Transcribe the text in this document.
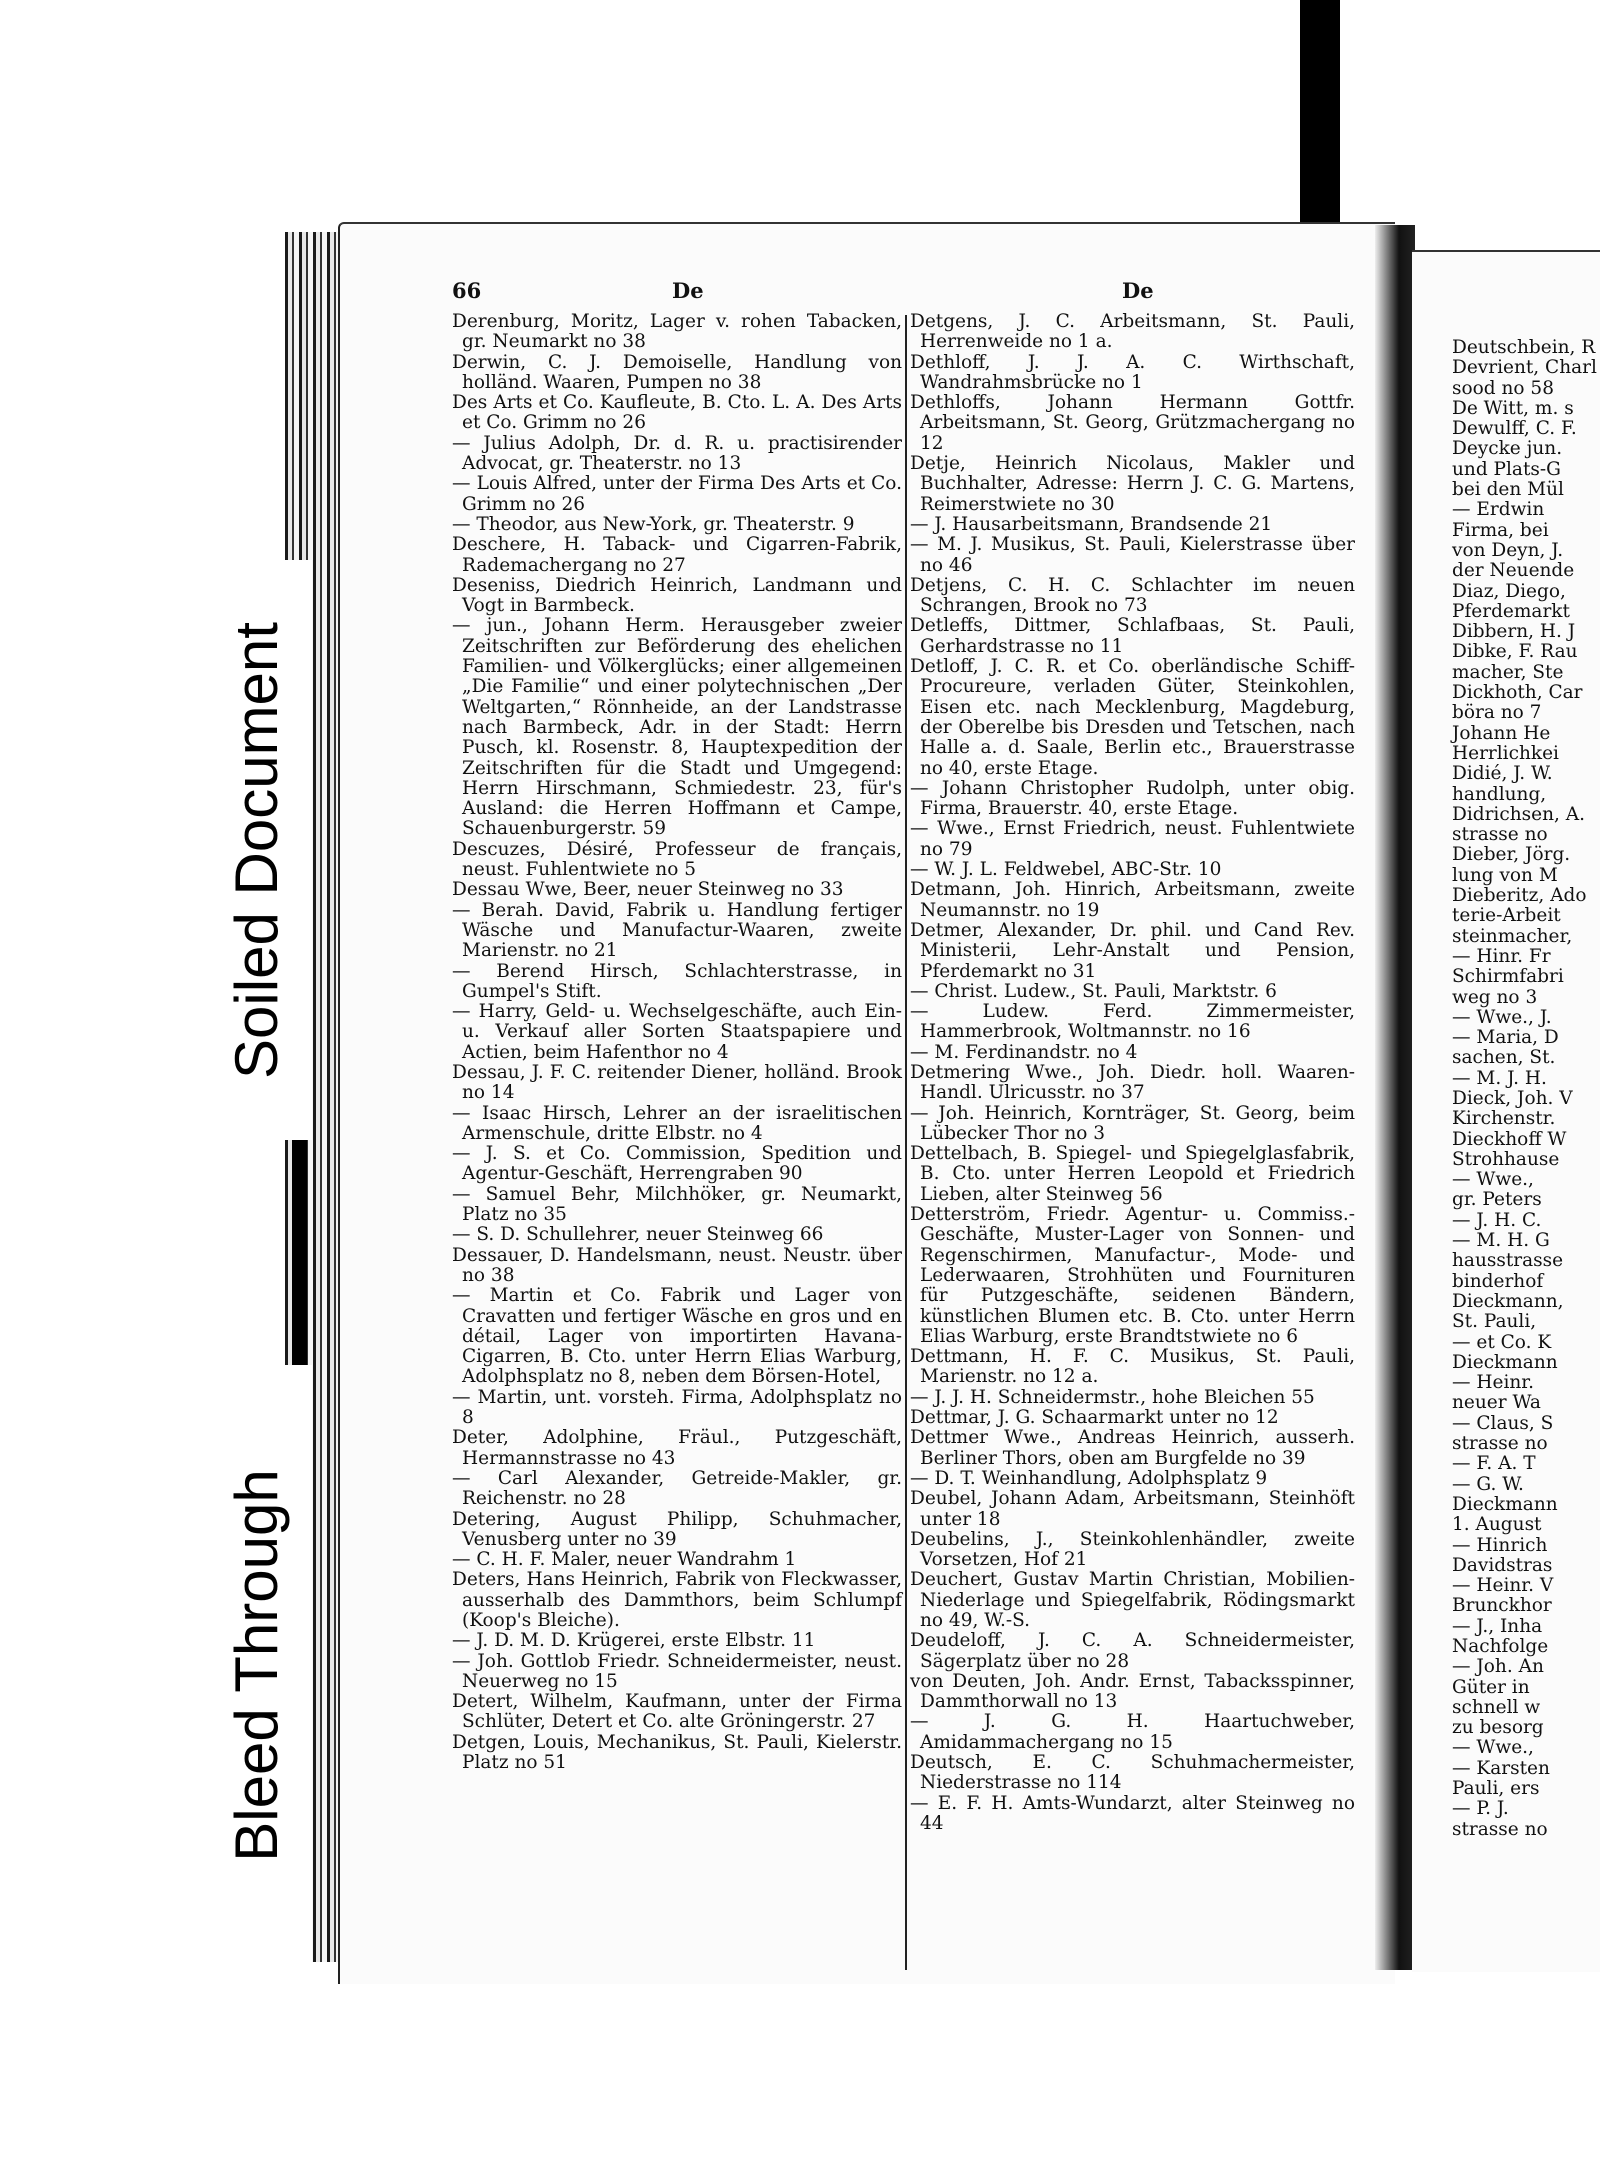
Soiled Document
Bleed Through
66	De	De

Derenburg, Moritz, Lager v. rohen Tabacken, gr. Neumarkt no 38

Derwin, C. J. Demoiselle, Handlung von holländ. Waaren, Pumpen no 38

Des Arts et Co. Kaufleute, B. Cto. L. A. Des Arts et Co. Grimm no 26

— Julius Adolph, Dr. d. R. u. practisirender Advocat, gr. Theaterstr. no 13

— Louis Alfred, unter der Firma Des Arts et Co. Grimm no 26

— Theodor, aus New-York, gr. Theaterstr. 9

Deschere, H. Taback- und Cigarren-Fabrik, Rademachergang no 27

Deseniss, Diedrich Heinrich, Landmann und Vogt in Barmbeck.

— jun., Johann Herm. Herausgeber zweier Zeitschriften zur Beförderung des ehelichen Familien- und Völkerglücks; einer allgemeinen „Die Familie“ und einer polytechnischen „Der Weltgarten,“ Rönnheide, an der Landstrasse nach Barmbeck, Adr. in der Stadt: Herrn Pusch, kl. Rosenstr. 8, Hauptexpedition der Zeitschriften für die Stadt und Umgegend: Herrn Hirschmann, Schmiedestr. 23, für's Ausland: die Herren Hoffmann et Campe, Schauenburgerstr. 59

Descuzes, Désiré, Professeur de français, neust. Fuhlentwiete no 5

Dessau Wwe, Beer, neuer Steinweg no 33

— Berah. David, Fabrik u. Handlung fertiger Wäsche und Manufactur-Waaren, zweite Marienstr. no 21

— Berend Hirsch, Schlachterstrasse, in Gumpel's Stift.

— Harry, Geld- u. Wechselgeschäfte, auch Ein- u. Verkauf aller Sorten Staatspapiere und Actien, beim Hafenthor no 4

Dessau, J. F. C. reitender Diener, holländ. Brook no 14

— Isaac Hirsch, Lehrer an der israelitischen Armenschule, dritte Elbstr. no 4

— J. S. et Co. Commission, Spedition und Agentur-Geschäft, Herrengraben 90

— Samuel Behr, Milchhöker, gr. Neumarkt, Platz no 35

— S. D. Schullehrer, neuer Steinweg 66

Dessauer, D. Handelsmann, neust. Neustr. über no 38

— Martin et Co. Fabrik und Lager von Cravatten und fertiger Wäsche en gros und en détail, Lager von importirten Havana-Cigarren, B. Cto. unter Herrn Elias Warburg, Adolphsplatz no 8, neben dem Börsen-Hotel,

— Martin, unt. vorsteh. Firma, Adolphsplatz no 8

Deter, Adolphine, Fräul., Putzgeschäft, Hermannstrasse no 43

— Carl Alexander, Getreide-Makler, gr. Reichenstr. no 28

Detering, August Philipp, Schuhmacher, Venusberg unter no 39

— C. H. F. Maler, neuer Wandrahm 1

Deters, Hans Heinrich, Fabrik von Fleckwasser, ausserhalb des Dammthors, beim Schlumpf (Koop's Bleiche).

— J. D. M. D. Krügerei, erste Elbstr. 11

— Joh. Gottlob Friedr. Schneidermeister, neust. Neuerweg no 15

Detert, Wilhelm, Kaufmann, unter der Firma Schlüter, Detert et Co. alte Gröningerstr. 27

Detgen, Louis, Mechanikus, St. Pauli, Kielerstr. Platz no 51

Detgens, J. C. Arbeitsmann, St. Pauli, Herrenweide no 1 a.

Dethloff, J. J. A. C. Wirthschaft, Wandrahmsbrücke no 1

Dethloffs, Johann Hermann Gottfr. Arbeitsmann, St. Georg, Grützmachergang no 12

Detje, Heinrich Nicolaus, Makler und Buchhalter, Adresse: Herrn J. C. G. Martens, Reimerstwiete no 30

— J. Hausarbeitsmann, Brandsende 21

— M. J. Musikus, St. Pauli, Kielerstrasse über no 46

Detjens, C. H. C. Schlachter im neuen Schrangen, Brook no 73

Detleffs, Dittmer, Schlafbaas, St. Pauli, Gerhardstrasse no 11

Detloff, J. C. R. et Co. oberländische Schiff-Procureure, verladen Güter, Steinkohlen, Eisen etc. nach Mecklenburg, Magdeburg, der Oberelbe bis Dresden und Tetschen, nach Halle a. d. Saale, Berlin etc., Brauerstrasse no 40, erste Etage.

— Johann Christopher Rudolph, unter obig. Firma, Brauerstr. 40, erste Etage.

— Wwe., Ernst Friedrich, neust. Fuhlentwiete no 79

— W. J. L. Feldwebel, ABC-Str. 10

Detmann, Joh. Hinrich, Arbeitsmann, zweite Neumannstr. no 19

Detmer, Alexander, Dr. phil. und Cand Rev. Ministerii, Lehr-Anstalt und Pension, Pferdemarkt no 31

— Christ. Ludew., St. Pauli, Marktstr. 6

— Ludew. Ferd. Zimmermeister, Hammerbrook, Woltmannstr. no 16

— M. Ferdinandstr. no 4

Detmering Wwe., Joh. Diedr. holl. Waaren-Handl. Ulricusstr. no 37

— Joh. Heinrich, Kornträger, St. Georg, beim Lübecker Thor no 3

Dettelbach, B. Spiegel- und Spiegelglasfabrik, B. Cto. unter Herren Leopold et Friedrich Lieben, alter Steinweg 56

Detterström, Friedr. Agentur- u. Commiss.-Geschäfte, Muster-Lager von Sonnen- und Regenschirmen, Manufactur-, Mode- und Lederwaaren, Strohhüten und Fournituren für Putzgeschäfte, seidenen Bändern, künstlichen Blumen etc. B. Cto. unter Herrn Elias Warburg, erste Brandtstwiete no 6

Dettmann, H. F. C. Musikus, St. Pauli, Marienstr. no 12 a.

— J. J. H. Schneidermstr., hohe Bleichen 55

Dettmar, J. G. Schaarmarkt unter no 12

Dettmer Wwe., Andreas Heinrich, ausserh. Berliner Thors, oben am Burgfelde no 39

— D. T. Weinhandlung, Adolphsplatz 9

Deubel, Johann Adam, Arbeitsmann, Steinhöft unter 18

Deubelins, J., Steinkohlenhändler, zweite Vorsetzen, Hof 21

Deuchert, Gustav Martin Christian, Mobilien-Niederlage und Spiegelfabrik, Rödingsmarkt no 49, W.-S.

Deudeloff, J. C. A. Schneidermeister, Sägerplatz über no 28

von Deuten, Joh. Andr. Ernst, Tabacksspinner, Dammthorwall no 13

— J. G. H. Haartuchweber, Amidammachergang no 15

Deutsch, E. C. Schuhmachermeister, Niederstrasse no 114

— E. F. H. Amts-Wundarzt, alter Steinweg no 44

Deutschbein, R

Devrient, Charl

sood no 58

De Witt, m. s

Dewulff, C. F.

Deycke jun.

und Plats-G

bei den Mül

— Erdwin

Firma, bei

von Deyn, J.

der Neuende

Diaz, Diego,

Pferdemarkt

Dibbern, H. J

Dibke, F. Rau

macher, Ste

Dickhoth, Car

böra no 7

Johann He

Herrlichkei

Didié, J. W.

handlung,

Didrichsen, A.

strasse no

Dieber, Jörg.

lung von M

Dieberitz, Ado

terie-Arbeit

steinmacher,

— Hinr. Fr

Schirmfabri

weg no 3

— Wwe., J.

— Maria, D

sachen, St.

— M. J. H.

Dieck, Joh. V

Kirchenstr.

Dieckhoff W

Strohhause

— Wwe.,

gr. Peters

— J. H. C.

— M. H. G

hausstrasse

binderhof

Dieckmann,

St. Pauli,

— et Co. K

Dieckmann

— Heinr.

neuer Wa

— Claus, S

strasse no

— F. A. T

— G. W.

Dieckmann

1. August

— Hinrich

Davidstras

— Heinr. V

Brunckhor

— J., Inha

Nachfolge

— Joh. An

Güter in

schnell w

zu besorg

— Wwe.,

— Karsten

Pauli, ers

— P. J.

strasse no
